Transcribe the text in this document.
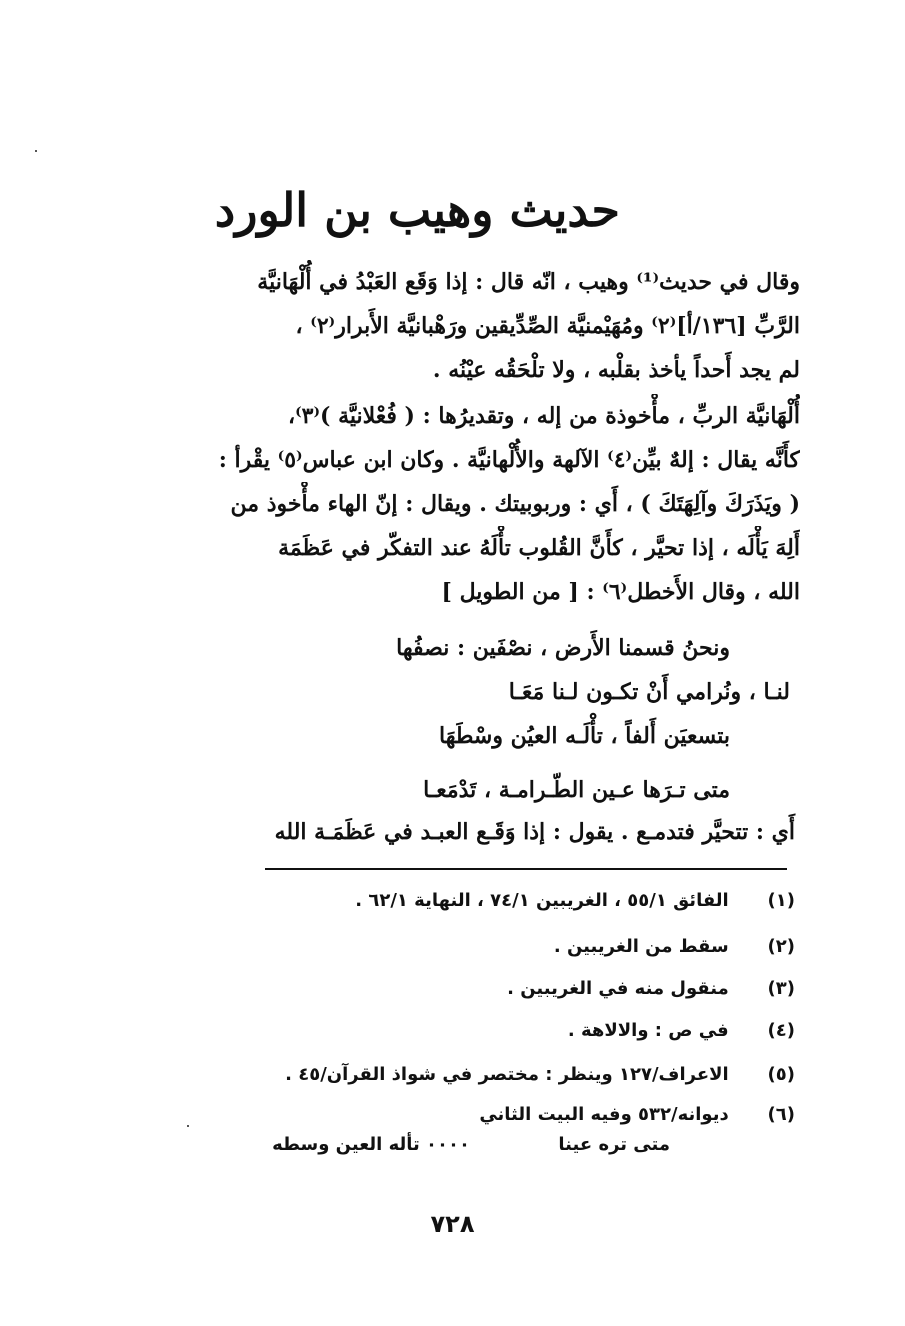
حديث وهيب بن الورد
وقال في حديث⁽¹⁾ وهيب ، انّه قال : إذا وَقَع العَبْدُ في أُلْهَانيَّة
الرَّبِّ [١٣٦/أ]⁽٢⁾ ومُهَيْمنيَّة الصِّدِّيقين ورَهْبانيَّة الأَبرار⁽٢⁾ ،
لم يجد أَحداً يأخذ بقلْبه ، ولا تلْحَقُه عيْنُه .
أُلْهَانيَّة الربِّ ، مأْخوذة من إله ، وتقديرُها : ( فُعْلانيَّة )⁽٣⁾،
كأَنَّه يقال : إلهٌ بيِّن⁽٤⁾ الآلهة والأُلْهانيَّة . وكان ابن عباس⁽٥⁾ يقْرأ :
( ويَذَرَكَ وآلِهَتَكَ ) ، أَي : وربوبيتك . ويقال : إنّ الهاء مأْخوذ من
أَلِهَ يَأْلَه ، إذا تحيَّر ، كأَنَّ القُلوب تأْلَهُ عند التفكّر في عَظَمَة
الله ، وقال الأَخطل⁽٦⁾ : [ من الطويل ]
ونحنُ قسمنا الأَرض ، نصْفَين : نصفُها
لنـا ، ونُرامي أَنْ تكـون لـنا مَعَـا
بتسعيَن أَلفاً ، تأْلَـه العيُن وسْطَهَا
متى تـرَها عـين الطّـرامـة ، تَدْمَعـا
أَي : تتحيَّر فتدمـع . يقول : إذا وَقَـع العبـد في عَظَمَـة الله
(١) الفائق ٥٥/١ ، الغريبين ٧٤/١ ، النهاية ٦٢/١ .
(٢) سقط من الغريبين .
(٣) منقول منه في الغريبين .
(٤) في ص : والالاهة .
(٥) الاعراف/١٢٧ وينظر : مختصر في شواذ القرآن/٤٥ .
(٦) ديوانه/٥٣٢ وفيه البيت الثاني
متى تره عينا
٠٠٠٠ تأله العين وسطه
٧٢٨
